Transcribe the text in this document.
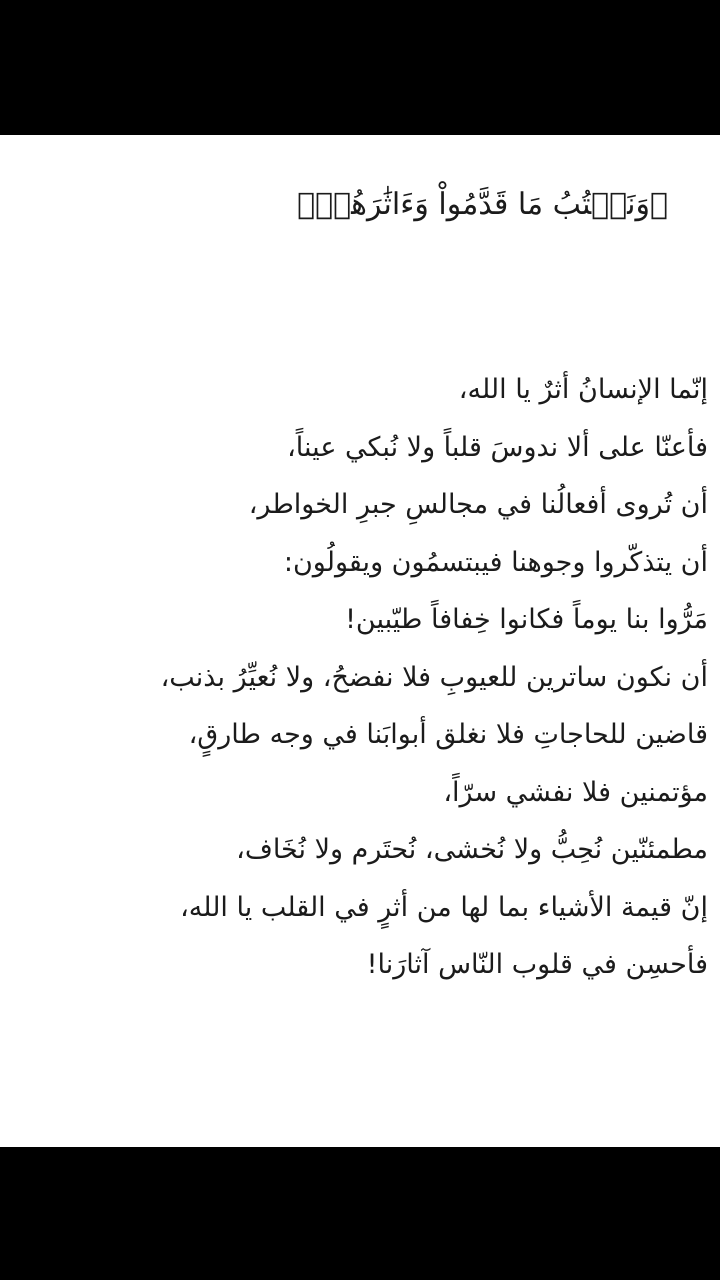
﴿وَنَكۡتُبُ مَا قَدَّمُواْ وَءَاثَٰرَهُمۡ﴾
إنّما الإنسانُ أثرٌ يا الله،
فأعنّا على ألا ندوسَ قلباً ولا نُبكي عيناً،
أن تُروى أفعالُنا في مجالسِ جبرِ الخواطر،
أن يتذكّروا وجوهنا فيبتسمُون ويقولُون:
مَرُّوا بنا يوماً فكانوا خِفافاً طيّبين!
أن نكون ساترين للعيوبِ فلا نفضحُ، ولا نُعيِّرُ بذنب،
قاضين للحاجاتِ فلا نغلق أبوابَنا في وجه طارقٍ،
مؤتمنين فلا نفشي سرّاً،
مطمئنّين نُحِبُّ ولا نُخشى، نُحتَرم ولا نُخَاف،
إنّ قيمة الأشياء بما لها من أثرٍ في القلب يا الله،
فأحسِن في قلوب النّاس آثارَنا!
